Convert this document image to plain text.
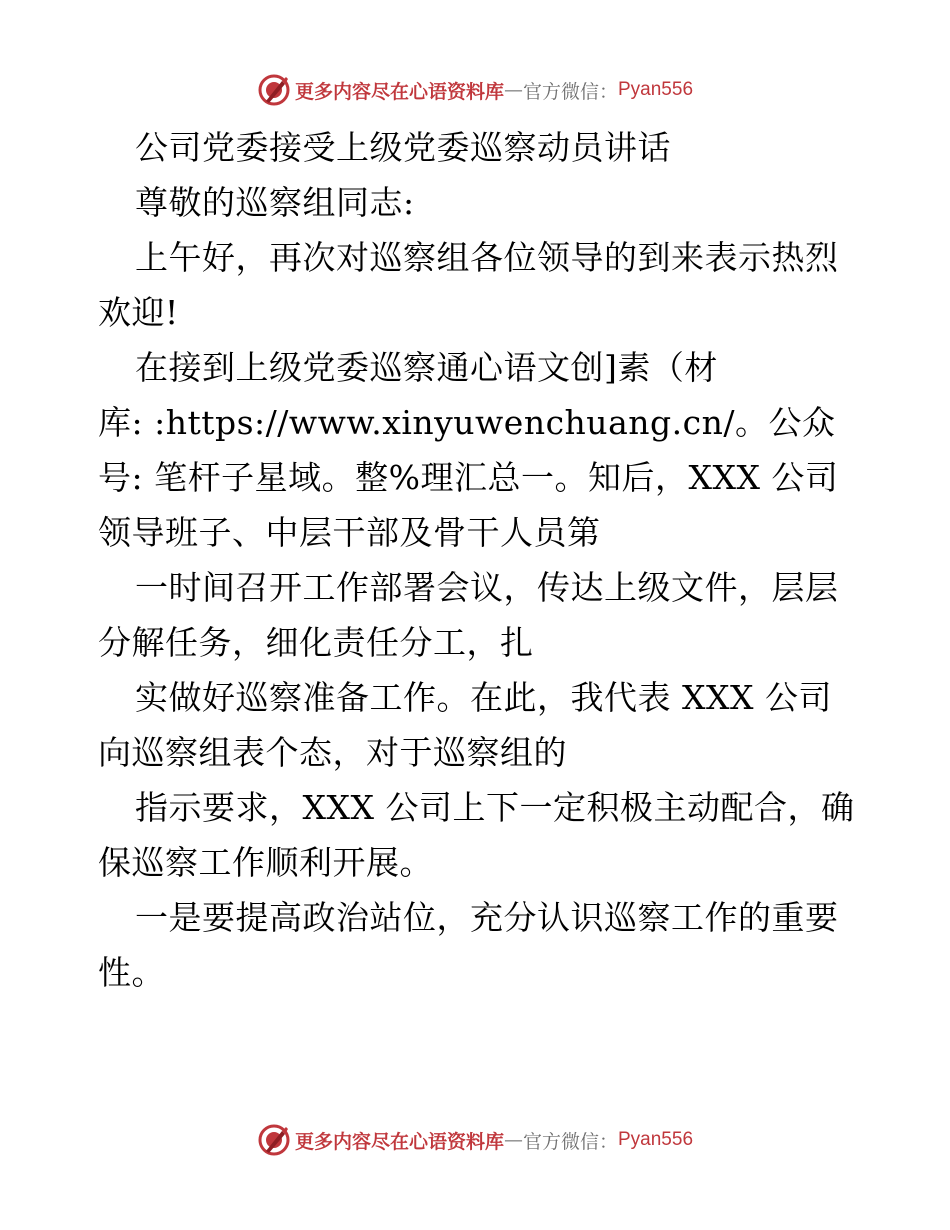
更多内容尽在心语资料库 — 官方微信： Pyan556
公司党委接受上级党委巡察动员讲话
尊敬的巡察组同志:
上午好，再次对巡察组各位领导的到来表示热烈
欢迎!
在接到上级党委巡察通心语文创]素（材
库: :https://www.xinyuwenchuang.cn/。公众
号: 笔杆子星域。整%理汇总一。知后，XXX 公司
领导班子、中层干部及骨干人员第
一时间召开工作部署会议，传达上级文件，层层
分解任务，细化责任分工，扎
实做好巡察准备工作。在此，我代表 XXX 公司
向巡察组表个态，对于巡察组的
指示要求，XXX 公司上下一定积极主动配合，确
保巡察工作顺利开展。
一是要提高政治站位，充分认识巡察工作的重要
性。
更多内容尽在心语资料库 — 官方微信： Pyan556
